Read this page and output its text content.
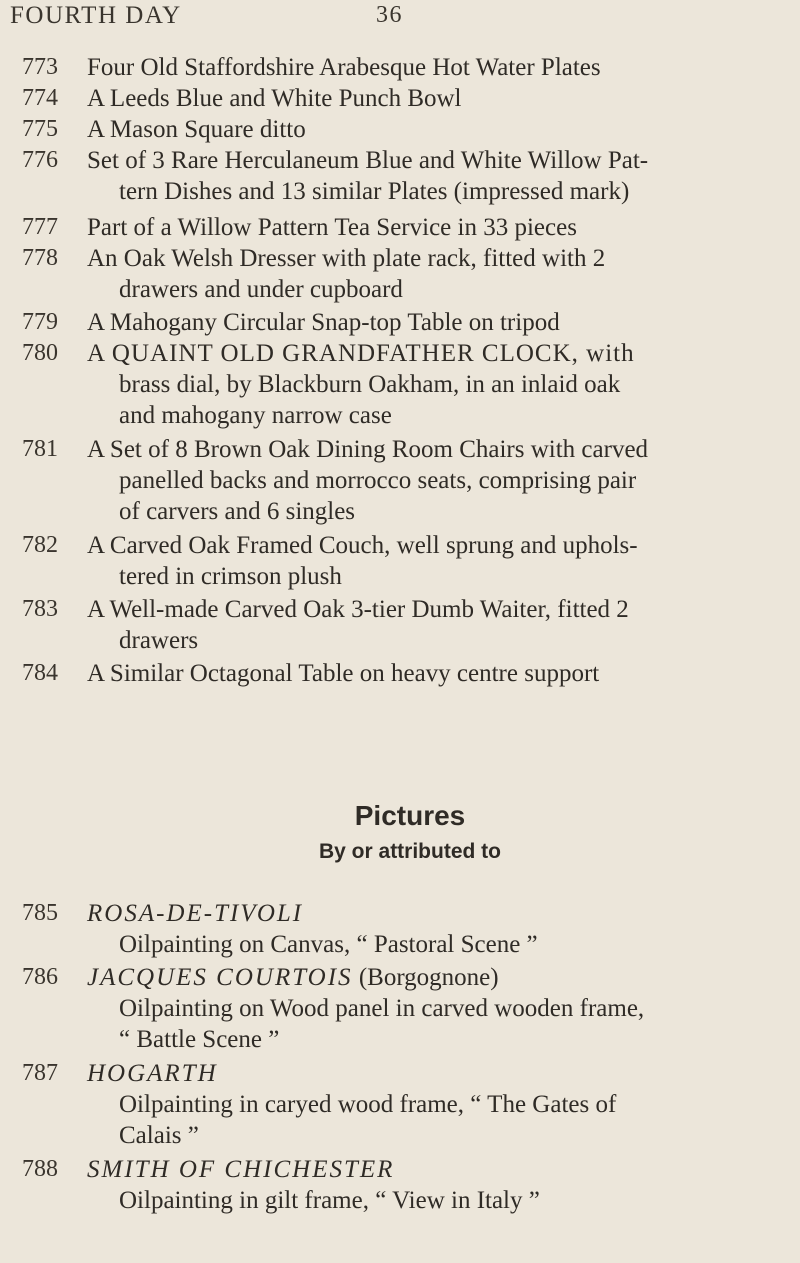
FOURTH DAY	36
773	Four Old Staffordshire Arabesque Hot Water Plates
774	A Leeds Blue and White Punch Bowl
775	A Mason Square ditto
776	Set of 3 Rare Herculaneum Blue and White Willow Pat-
tern Dishes and 13 similar Plates (impressed mark)
777	Part of a Willow Pattern Tea Service in 33 pieces
778	An Oak Welsh Dresser with plate rack, fitted with 2
drawers and under cupboard
779	A Mahogany Circular Snap-top Table on tripod
780	A QUAINT OLD GRANDFATHER CLOCK, with
brass dial, by Blackburn Oakham, in an inlaid oak
and mahogany narrow case
781	A Set of 8 Brown Oak Dining Room Chairs with carved
panelled backs and morrocco seats, comprising pair
of carvers and 6 singles
782	A Carved Oak Framed Couch, well sprung and uphols-
tered in crimson plush
783	A Well-made Carved Oak 3-tier Dumb Waiter, fitted 2
drawers
784	A Similar Octagonal Table on heavy centre support
Pictures
By or attributed to
785	ROSA-DE-TIVOLI
Oilpainting on Canvas, “ Pastoral Scene ”
786	JACQUES COURTOIS (Borgognone)
Oilpainting on Wood panel in carved wooden frame,
“ Battle Scene ”
787	HOGARTH
Oilpainting in caryed wood frame, “ The Gates of
Calais ”
788	SMITH OF CHICHESTER
Oilpainting in gilt frame, “ View in Italy ”
